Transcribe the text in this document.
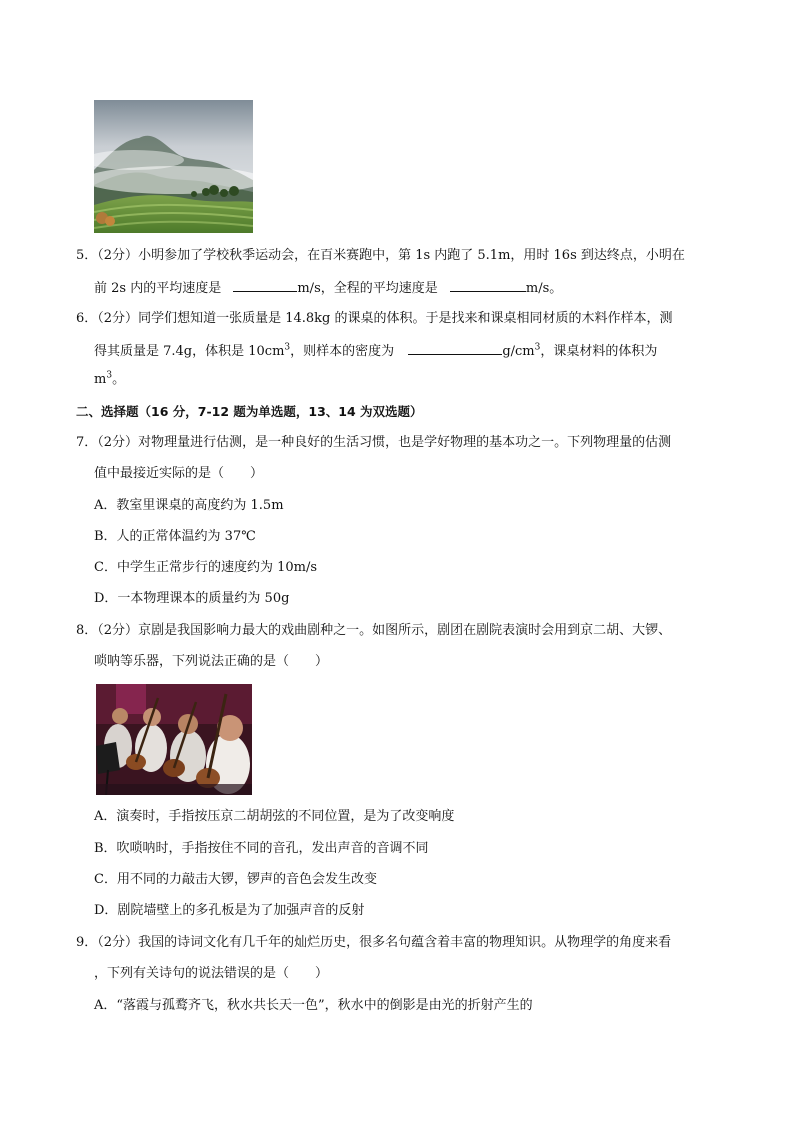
5．（2分）小明参加了学校秋季运动会，在百米赛跑中，第 1s 内跑了 5.1m，用时 16s 到达终点，小明在
前 2s 内的平均速度是	m/s，全程的平均速度是	m/s。
6．（2分）同学们想知道一张质量是 14.8kg 的课桌的体积。于是找来和课桌相同材质的木料作样本，测
得其质量是 7.4g，体积是 $10cm^3$，则样本的密度为	$g/cm^3$，课桌材料的体积为
$m^3$。
二、选择题（16 分，7-12 题为单选题，13、14 为双选题）
7．（2分）对物理量进行估测，是一种良好的生活习惯，也是学好物理的基本功之一。下列物理量的估测
值中最接近实际的是（　　）
A．教室里课桌的高度约为 1.5m
B．人的正常体温约为 37℃
C．中学生正常步行的速度约为 10m/s
D．一本物理课本的质量约为 50g
8．（2分）京剧是我国影响力最大的戏曲剧种之一。如图所示，剧团在剧院表演时会用到京二胡、大锣、
唢呐等乐器，下列说法正确的是（　　）
A．演奏时，手指按压京二胡胡弦的不同位置，是为了改变响度
B．吹唢呐时，手指按住不同的音孔，发出声音的音调不同
C．用不同的力敲击大锣，锣声的音色会发生改变
D．剧院墙壁上的多孔板是为了加强声音的反射
9．（2分）我国的诗词文化有几千年的灿烂历史，很多名句蕴含着丰富的物理知识。从物理学的角度来看
，下列有关诗句的说法错误的是（　　）
A．“落霞与孤鹜齐飞，秋水共长天一色”，秋水中的倒影是由光的折射产生的
